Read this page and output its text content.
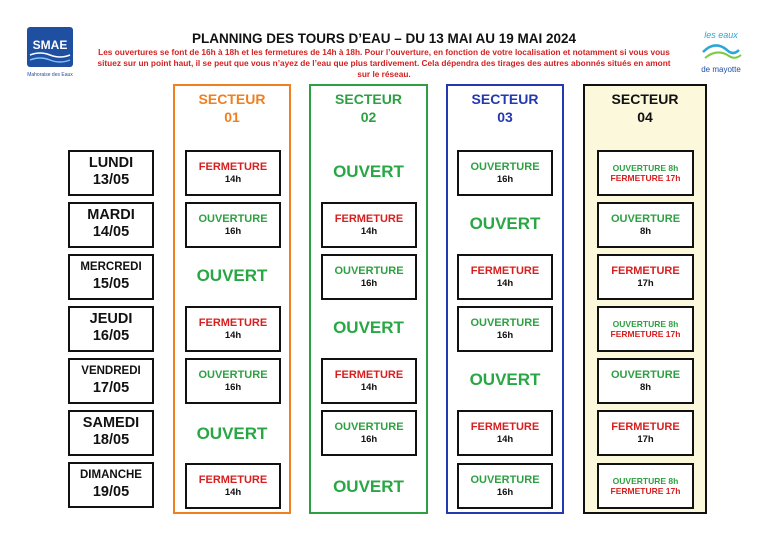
SMAE
Mahoraise des Eaux
PLANNING DES TOURS D’EAU – DU 13 MAI AU 19 MAI 2024
Les ouvertures se font de 16h à 18h et les fermetures de 14h à 18h. Pour l’ouverture, en fonction de votre localisation et notamment si vous vous situez sur un point haut, il se peut que vous n’ayez de l’eau que plus tardivement. Cela dépendra des tirages des autres abonnés situés en amont sur le réseau.
les eaux
de mayotte
SECTEUR
01
SECTEUR
02
SECTEUR
03
SECTEUR
04
LUNDI
13/05
MARDI
14/05
MERCREDI
15/05
JEUDI
16/05
VENDREDI
17/05
SAMEDI
18/05
DIMANCHE
19/05
FERMETURE
14h
OUVERTURE
16h
OUVERT
FERMETURE
14h
OUVERTURE
16h
OUVERT
FERMETURE
14h
OUVERT
FERMETURE
14h
OUVERTURE
16h
OUVERT
FERMETURE
14h
OUVERTURE
16h
OUVERT
OUVERTURE
16h
OUVERT
FERMETURE
14h
OUVERTURE
16h
OUVERT
FERMETURE
14h
OUVERTURE
16h
OUVERTURE 8h
FERMETURE 17h
OUVERTURE
8h
FERMETURE
17h
OUVERTURE 8h
FERMETURE 17h
OUVERTURE
8h
FERMETURE
17h
OUVERTURE 8h
FERMETURE 17h
